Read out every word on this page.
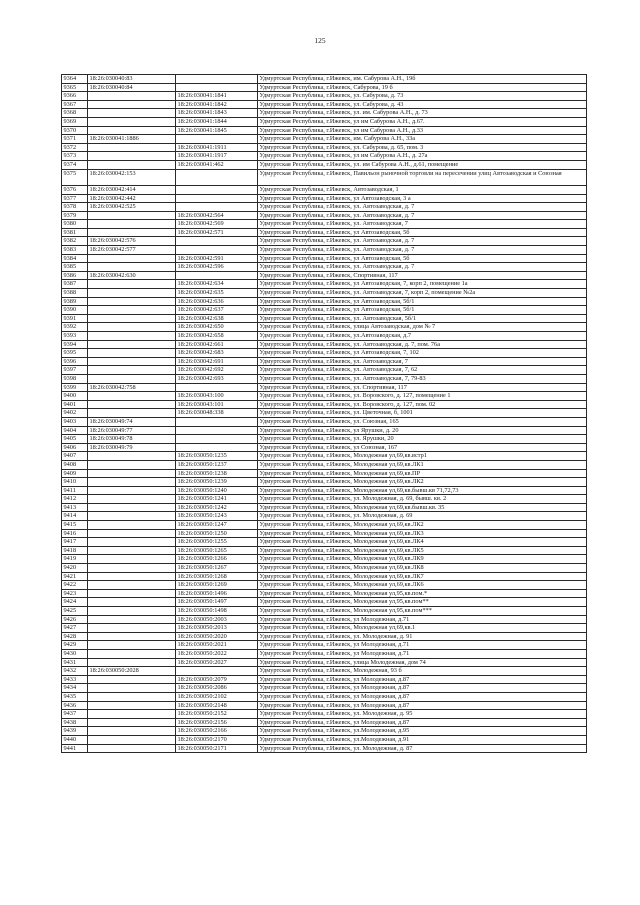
125
9364	18:26:030040:83		Удмуртская Республика, г.Ижевск, им. Сабурова А.Н., 19б
9365	18:26:030040:84		Удмуртская Республика, г.Ижевск, Сабурова, 19 б
9366		18:26:030041:1841	Удмуртская Республика, г.Ижевск, ул. Сабурова, д. 73
9367		18:26:030041:1842	Удмуртская Республика, г.Ижевск, ул. Сабурова, д. 43
9368		18:26:030041:1843	Удмуртская Республика, г.Ижевск, ул. им. Сабурова А.Н., д. 73
9369		18:26:030041:1844	Удмуртская Республика, г.Ижевск, ул им Сабурова А.Н., д.67.
9370		18:26:030041:1845	Удмуртская Республика, г.Ижевск, ул им Сабурова А.Н., д.33
9371	18:26:030041:1886		Удмуртская Республика, г.Ижевск, им. Сабурова А.Н., 33а
9372		18:26:030041:1911	Удмуртская Республика, г.Ижевск, ул. Сабурова, д. 65, пом. 3
9373		18:26:030041:1917	Удмуртская Республика, г.Ижевск, ул им Сабурова А.Н., д. 27а
9374		18:26:030041:462	Удмуртская Республика, г.Ижевск, ул. им Сабурова А.Н., д.61, помещение
9375	18:26:030042:153		Удмуртская Республика, г.Ижевск, Павильон рыночной торговли на пересечении улиц Автозаводская и Союзная
9376	18:26:030042:414		Удмуртская Республика, г.Ижевск, Автозаводская, 1
9377	18:26:030042:442		Удмуртская Республика, г.Ижевск, ул Автозаводская, 3 а
9378	18:26:030042:525		Удмуртская Республика, г.Ижевск, ул. Автозаводская, д. 7
9379		18:26:030042:564	Удмуртская Республика, г.Ижевск, ул. Автозаводская, д. 7
9380		18:26:030042:569	Удмуртская Республика, г.Ижевск, ул. Автозаводская, 7
9381		18:26:030042:571	Удмуртская Республика, г.Ижевск, ул Автозаводская, 5б
9382	18:26:030042:576		Удмуртская Республика, г.Ижевск, ул. Автозаводская, д. 7
9383	18:26:030042:577		Удмуртская Республика, г.Ижевск, ул. Автозаводская, д. 7
9384		18:26:030042:591	Удмуртская Республика, г.Ижевск, ул Автозаводская, 5б
9385		18:26:030042:596	Удмуртская Республика, г.Ижевск, ул. Автозаводская, д. 7
9386	18:26:030042:630		Удмуртская Республика, г.Ижевск, Спортивная, 117
9387		18:26:030042:634	Удмуртская Республика, г.Ижевск, ул Автозаводская, 7, корп 2, помещение 1а
9388		18:26:030042:635	Удмуртская Республика, г.Ижевск, ул. Автозаводская, 7, корп 2, помещение №2а
9389		18:26:030042:636	Удмуртская Республика, г.Ижевск, ул Автозаводская, 5б/1
9390		18:26:030042:637	Удмуртская Республика, г.Ижевск, ул Автозаводская, 5б/1
9391		18:26:030042:638	Удмуртская Республика, г.Ижевск, ул. Автозаводская, 5б/1
9392		18:26:030042:650	Удмуртская Республика, г.Ижевск, улица Автозаводская, дом № 7
9393		18:26:030042:658	Удмуртская Республика, г.Ижевск, ул.Автозаводская, д.7
9394		18:26:030042:661	Удмуртская Республика, г.Ижевск, ул. Автозаводская, д. 7, пом. 76а
9395		18:26:030042:683	Удмуртская Республика, г.Ижевск, ул Автозаводская, 7, 102
9396		18:26:030042:691	Удмуртская Республика, г.Ижевск, ул. Автозаводская, 7
9397		18:26:030042:692	Удмуртская Республика, г.Ижевск, ул. Автозаводская, 7, 62
9398		18:26:030042:693	Удмуртская Республика, г.Ижевск, ул. Автозаводская, 7, 79-83
9399	18:26:030042:758		Удмуртская Республика, г.Ижевск, ул. Спортивная, 117
9400		18:26:030043:100	Удмуртская Республика, г.Ижевск, ул. Воровского, д. 127, помещение 1
9401		18:26:030043:101	Удмуртская Республика, г.Ижевск, ул. Воровского, д. 127, пом. 02
9402		18:26:030048:338	Удмуртская Республика, г.Ижевск, ул. Цветочная, б, 1001
9403	18:26:030049:74		Удмуртская Республика, г.Ижевск, ул. Союзная, 165
9404	18:26:030049:77		Удмуртская Республика, г.Ижевск, ул Ярушки, д. 20
9405	18:26:030049:78		Удмуртская Республика, г.Ижевск, ул. Ярушки, 20
9406	18:26:030049:79		Удмуртская Республика, г.Ижевск, ул Союзная, 167
9407		18:26:030050:1235	Удмуртская Республика, г.Ижевск, Молодежная ул,69,кв.встр1
9408		18:26:030050:1237	Удмуртская Республика, г.Ижевск, Молодежная ул,69,кв.ЛК1
9409		18:26:030050:1238	Удмуртская Республика, г.Ижевск, Молодежная ул,69,кв.ПР
9410		18:26:030050:1239	Удмуртская Республика, г.Ижевск, Молодежная ул,69,кв.ЛК2
9411		18:26:030050:1240	Удмуртская Республика, г.Ижевск, Молодежная ул,69,кв.бывш.кв 71,72,73
9412		18:26:030050:1241	Удмуртская Республика, г.Ижевск, ул. Молодежная, д. 69, бывш. кв. 2
9413		18:26:030050:1242	Удмуртская Республика, г.Ижевск, Молодежная ул,69,кв.бывш.кв. 35
9414		18:26:030050:1243	Удмуртская Республика, г.Ижевск, ул. Молодежная, д. 69
9415		18:26:030050:1247	Удмуртская Республика, г.Ижевск, Молодежная ул,69,кв.ЛК2
9416		18:26:030050:1250	Удмуртская Республика, г.Ижевск, Молодежная ул,69,кв.ЛК3
9417		18:26:030050:1255	Удмуртская Республика, г.Ижевск, Молодежная ул,69,кв.ЛК4
9418		18:26:030050:1265	Удмуртская Республика, г.Ижевск, Молодежная ул,69,кв.ЛК5
9419		18:26:030050:1266	Удмуртская Республика, г.Ижевск, Молодежная ул,69,кв.ЛК9
9420		18:26:030050:1267	Удмуртская Республика, г.Ижевск, Молодежная ул,69,кв.ЛК8
9421		18:26:030050:1268	Удмуртская Республика, г.Ижевск, Молодежная ул,69,кв.ЛК7
9422		18:26:030050:1269	Удмуртская Республика, г.Ижевск, Молодежная ул,69,кв.ЛК6
9423		18:26:030050:1496	Удмуртская Республика, г.Ижевск, Молодежная ул,95,кв.пом.*
9424		18:26:030050:1497	Удмуртская Республика, г.Ижевск, Молодежная ул,95,кв.пом**
9425		18:26:030050:1498	Удмуртская Республика, г.Ижевск, Молодежная ул,95,кв.пом***
9426		18:26:030050:2003	Удмуртская Республика, г.Ижевск, ул Молодежная, д.71
9427		18:26:030050:2013	Удмуртская Республика, г.Ижевск, Молодежная ул,69,кв.1
9428		18:26:030050:2020	Удмуртская Республика, г.Ижевск, ул. Молодежная, д. 91
9429		18:26:030050:2021	Удмуртская Республика, г.Ижевск, ул Молодежная, д.71
9430		18:26:030050:2022	Удмуртская Республика, г.Ижевск, ул Молодежная, д.71
9431		18:26:030050:2027	Удмуртская Республика, г.Ижевск, улица Молодежная, дом 74
9432	18:26:030050:2028		Удмуртская Республика, г.Ижевск, Молодежная, 93 б
9433		18:26:030050:2079	Удмуртская Республика, г.Ижевск, ул Молодежная, д.87
9434		18:26:030050:2086	Удмуртская Республика, г.Ижевск, ул Молодежная, д.87
9435		18:26:030050:2102	Удмуртская Республика, г.Ижевск, ул Молодежная, д.87
9436		18:26:030050:2148	Удмуртская Республика, г.Ижевск, ул Молодежная, д.87
9437		18:26:030050:2152	Удмуртская Республика, г.Ижевск, ул. Молодежная, д. 95
9438		18:26:030050:2156	Удмуртская Республика, г.Ижевск, ул Молодежная, д.87
9439		18:26:030050:2166	Удмуртская Республика, г.Ижевск, ул.Молодежная, д.95
9440		18:26:030050:2170	Удмуртская Республика, г.Ижевск, ул.Молодежная, д.91
9441		18:26:030050:2171	Удмуртская Республика, г.Ижевск, ул. Молодежная, д. 87
